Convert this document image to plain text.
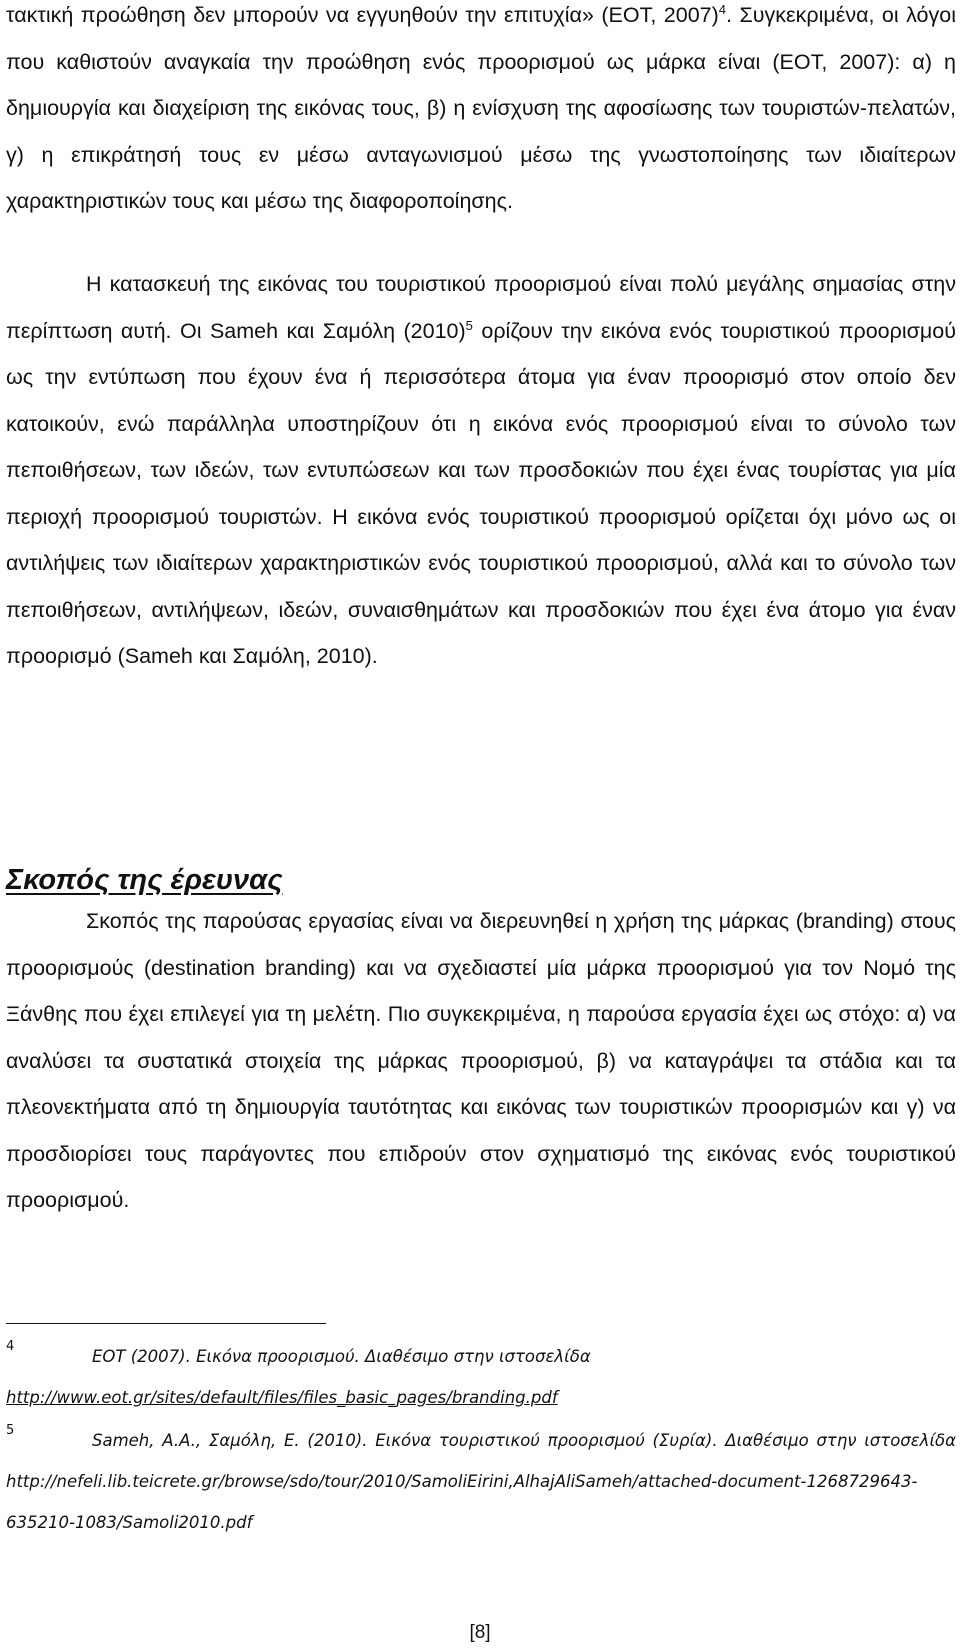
τακτική προώθηση δεν μπορούν να εγγυηθούν την επιτυχία» (ΕΟΤ, 2007)$^4$. Συγκεκριμένα, οι λόγοι που καθιστούν αναγκαία την προώθηση ενός προορισμού ως μάρκα είναι (ΕΟΤ, 2007): α) η δημιουργία και διαχείριση της εικόνας τους, β) η ενίσχυση της αφοσίωσης των τουριστών-πελατών, γ) η επικράτησή τους εν μέσω ανταγωνισμού μέσω της γνωστοποίησης των ιδιαίτερων χαρακτηριστικών τους και μέσω της διαφοροποίησης.

Η κατασκευή της εικόνας του τουριστικού προορισμού είναι πολύ μεγάλης σημασίας στην περίπτωση αυτή. Οι Sameh και Σαμόλη $(2010)^5$ ορίζουν την εικόνα ενός τουριστικού προορισμού ως την εντύπωση που έχουν ένα ή περισσότερα άτομα για έναν προορισμό στον οποίο δεν κατοικούν, ενώ παράλληλα υποστηρίζουν ότι η εικόνα ενός προορισμού είναι το σύνολο των πεποιθήσεων, των ιδεών, των εντυπώσεων και των προσδοκιών που έχει ένας τουρίστας για μία περιοχή προορισμού τουριστών. Η εικόνα ενός τουριστικού προορισμού ορίζεται όχι μόνο ως οι αντιλήψεις των ιδιαίτερων χαρακτηριστικών ενός τουριστικού προορισμού, αλλά και το σύνολο των πεποιθήσεων, αντιλήψεων, ιδεών, συναισθημάτων και προσδοκιών που έχει ένα άτομο για έναν προορισμό (Sameh και Σαμόλη, 2010).

Σκοπός της έρευνας

Σκοπός της παρούσας εργασίας είναι να διερευνηθεί η χρήση της μάρκας (branding) στους προορισμούς (destination branding) και να σχεδιαστεί μία μάρκα προορισμού για τον Νομό της Ξάνθης που έχει επιλεγεί για τη μελέτη. Πιο συγκεκριμένα, η παρούσα εργασία έχει ως στόχο: α) να αναλύσει τα συστατικά στοιχεία της μάρκας προορισμού, β) να καταγράψει τα στάδια και τα πλεονεκτήματα από τη δημιουργία ταυτότητας και εικόνας των τουριστικών προορισμών και γ) να προσδιορίσει τους παράγοντες που επιδρούν στον σχηματισμό της εικόνας ενός τουριστικού προορισμού.

4ΕΟΤ (2007). Εικόνα προορισμού. Διαθέσιμο στην ιστοσελίδα
http://www.eot.gr/sites/default/files/files_basic_pages/branding.pdf

5Sameh, A.A., Σαμόλη, Ε. (2010). Εικόνα τουριστικού προορισμού (Συρία). Διαθέσιμο στην ιστοσελίδα http://nefeli.lib.teicrete.gr/browse/sdo/tour/2010/SamoliEirini,AlhajAliSameh/attached-document-1268729643-635210-1083/Samoli2010.pdf

[8]
